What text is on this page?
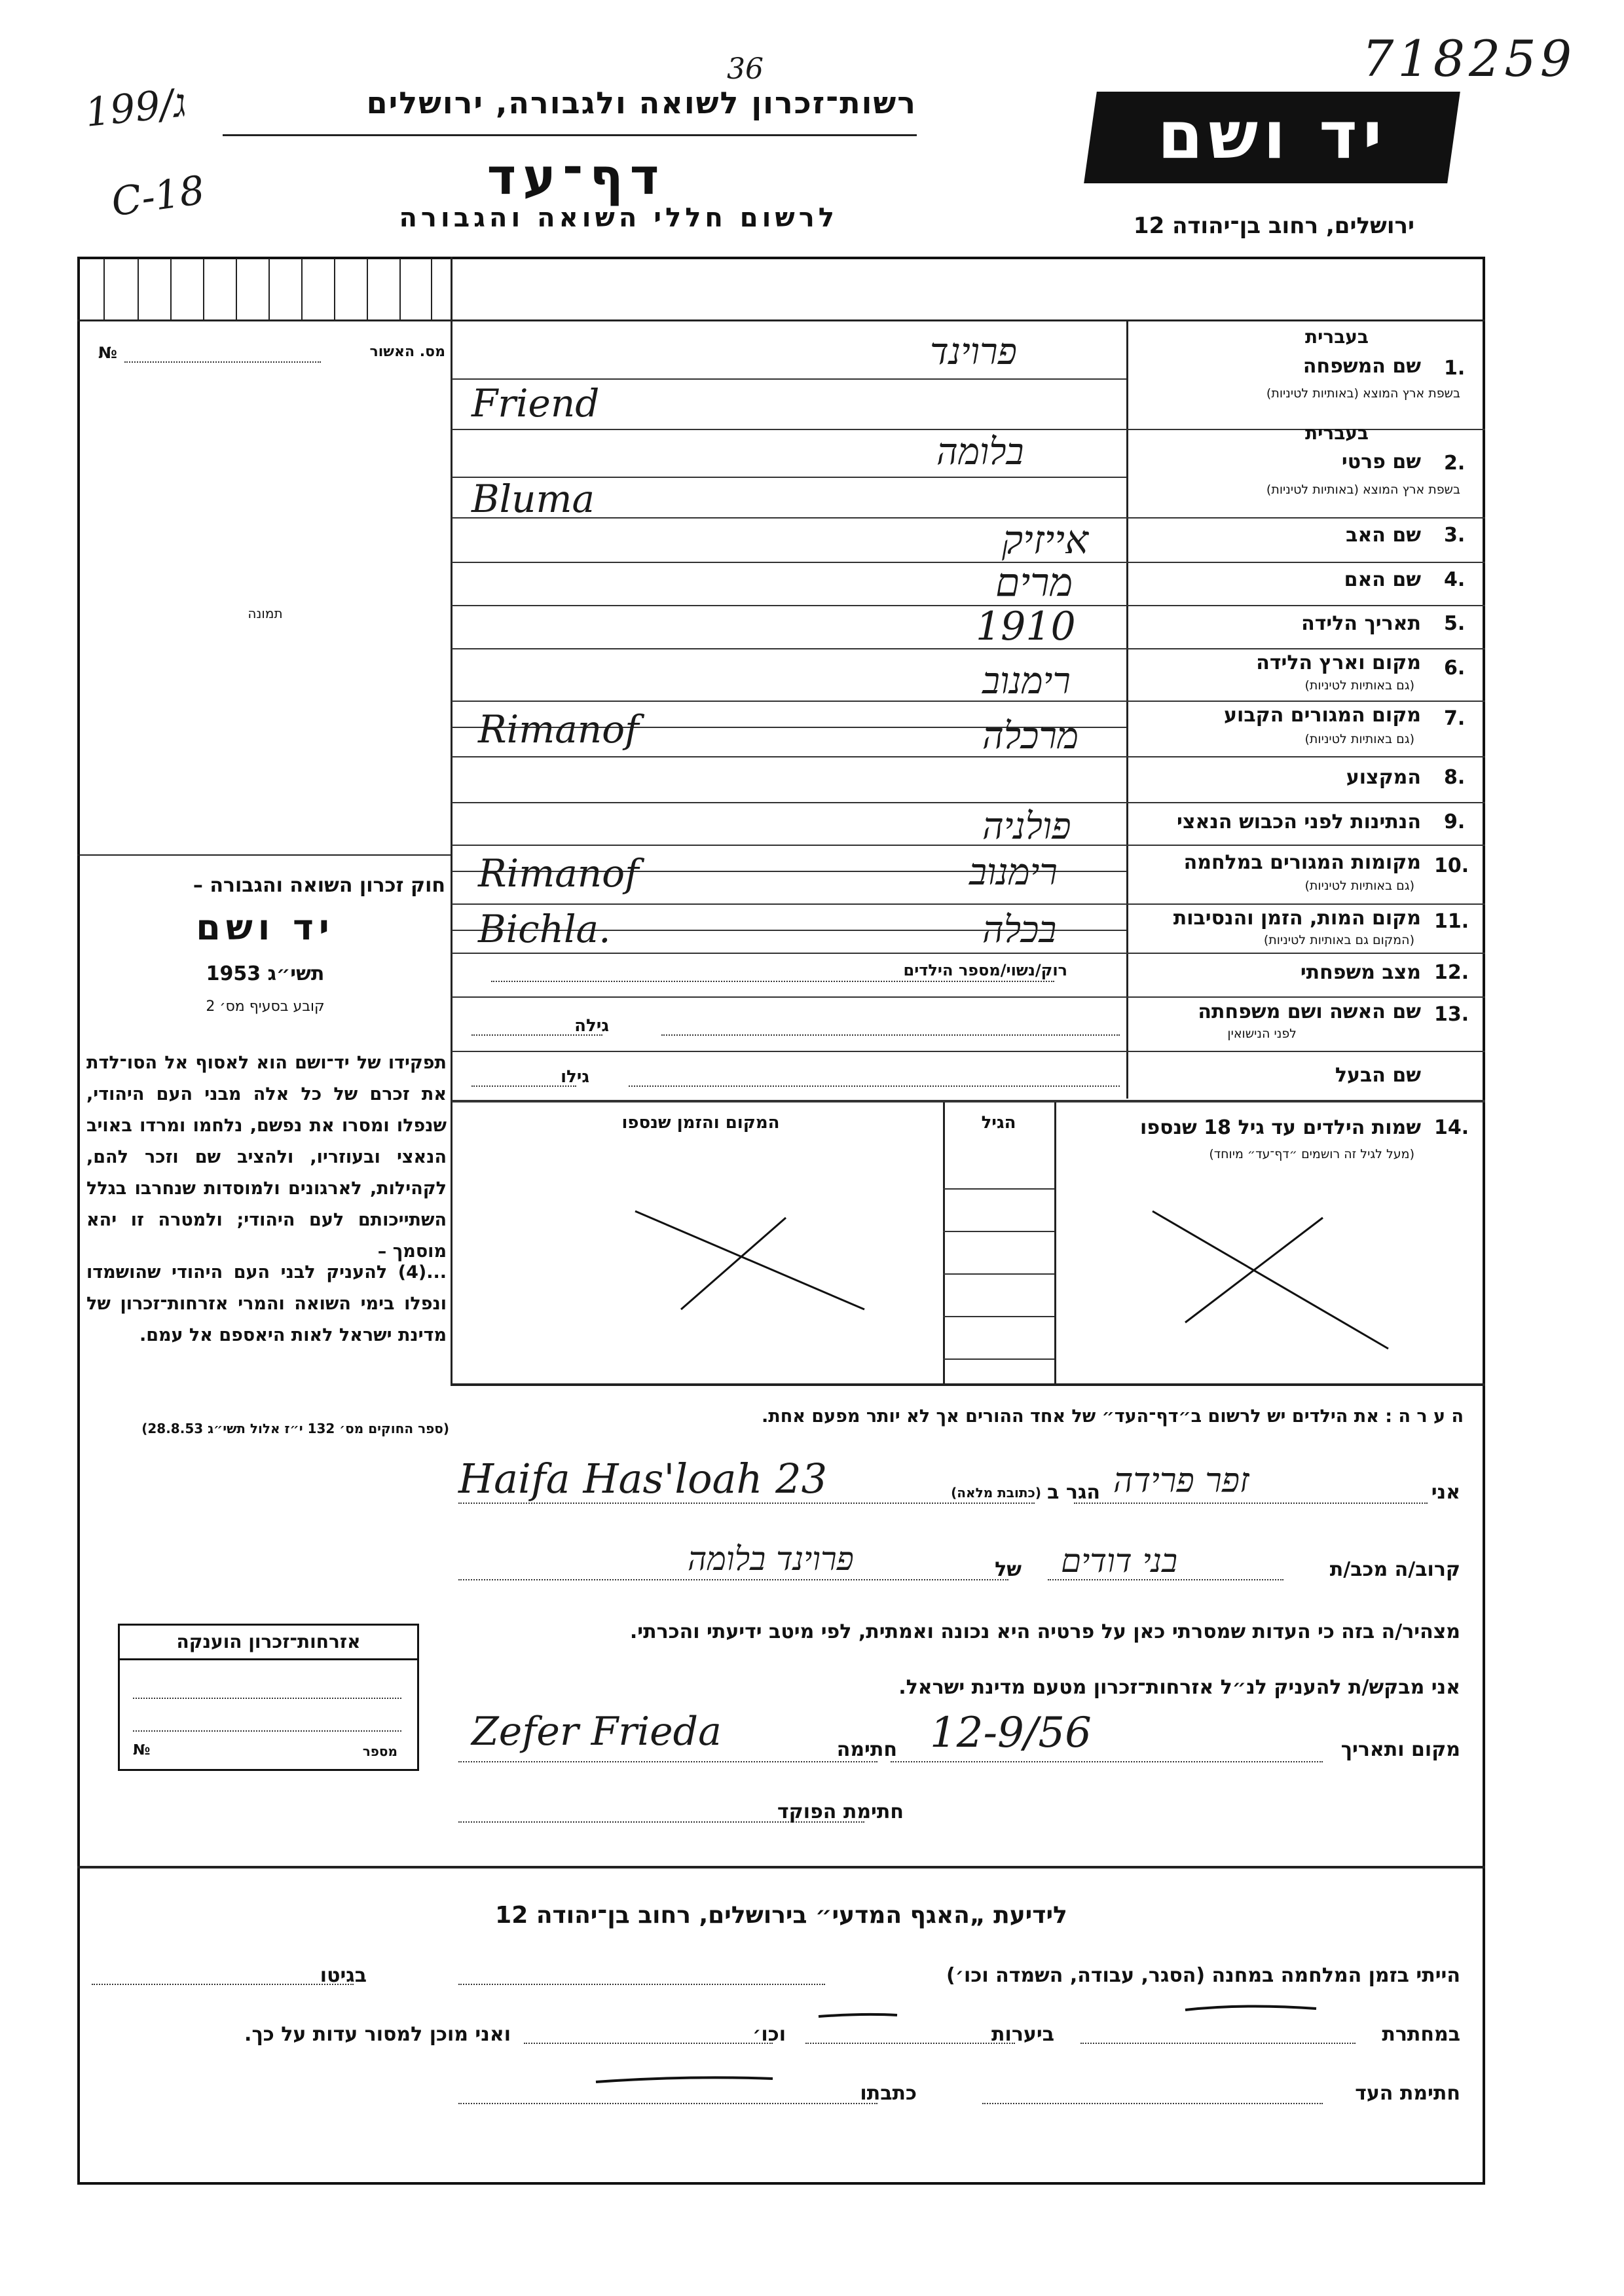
רשות־זכרון לשואה ולגבורה, ירושלים
דף־עד
לרשום חללי השואה והגבורה
199/ג
36
C-18
יד ושם
718259
ירושלים, רחוב בן־יהודה 12
מס. האשור
№
תמונה
חוק זכרון השואה והגבורה –
יד ושם
תשי״ג 1953
קובע בסעיף מס׳ 2
תפקידו של יד־ושם הוא לאסוף אל הסו־לדת את זכרם של כל אלה מבני העם היהודי, שנפלו ומסרו את נפשם, נלחמו ומרדו באויב הנאצי ובעוזריו, ולהציב שם וזכר להם, לקהילות, לארגונים ולמוסדות שנחרבו בגלל השתייכותם לעם היהודי; ולמטרה זו יהא מוסמך –
...(4) להעניק לבני העם היהודי שהושמדו ונפלו בימי השואה והמרי אזרחות־זכרון של מדינת ישראל לאות היאספם אל עמם.
(ספר החוקים מס׳ 132 י״ז אלול תשי״ג 28.8.53)
בעברית
1.
שם המשפחה
בשפת ארץ המוצא (באותיות לטיניות)
פרוינד
Friend
בעברית
2.
שם פרטי
בשפת ארץ המוצא (באותיות לטיניות)
בלומה
Bluma
3.
שם האב
אייזיק
4.
שם האם
מרים
5.
תאריך הלידה
1910
6.
מקום וארץ הלידה
(גם באותיות לטיניות)
רימנוב
7.
מקום המגורים הקבוע
(גם באותיות לטיניות)
מרכלה
Rimanof
8.
המקצוע
9.
הנתינות לפני הכבוש הנאצי
פולניה
10.
מקומות המגורים במלחמה
(גם באותיות לטיניות)
רימנוב
Rimanof
11.
מקום המות, הזמן והנסיבות
(המקום גם באותיות לטיניות)
בכלה
Bichla.
12.
מצב משפחתי
רוק/נשוי/מספר הילדים
13.
שם האשה ושם משפחתה
לפני הנישואין
גילה
שם הבעל
גילו
14.
שמות הילדים עד גיל 18 שנספו
(מעל לגיל זה רושמים ״דף־עד״ מיוחד)
הגיל
המקום והזמן שנספו
ה ע ר ה : את הילדים יש לרשום ב״דף־העד״ של אחד ההורים אך לא יותר מפעם אחת.
אני
זפר פרידה
הגר ב
(כתובת מלאה)
Haifa Has'loah 23
קרוב/ה מכב/ת
בני דודים
של
פרוינד בלומה
מצהיר/ה בזה כי העדות שמסרתי כאן על פרטיה היא נכונה ואמתית, לפי מיטב ידיעתי והכרתי.
אני מבקש/ת להעניק לנ״ל אזרחות־זכרון מטעם מדינת ישראל.
מקום ותאריך
12-9/56
חתימה
Zefer Frieda
חתימת הפוקד
אזרחות־זכרון הוענקה
מספר
№
לידיעת „האגף המדעי״ בירושלים, רחוב בן־יהודה 12
הייתי בזמן המלחמה במחנה (הסגר, עבודה, השמדה וכו׳)
בגיטו
במחתרת
ביערות
וכו׳
ואני מוכן למסור עדות על כך.
חתימת העד
כתבתו
